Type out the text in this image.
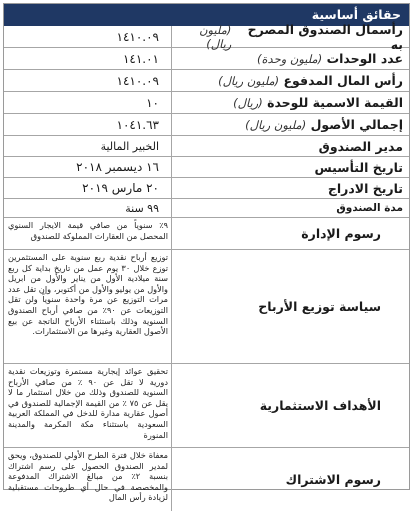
حقائق أساسية
رأسمال الصندوق المصرح به

(مليون ريال)
١٤١٠.٠٩
عدد الوحدات

(مليون وحدة)
١٤١.٠١
رأس المال المدفوع

(مليون ريال)
١٤١٠.٠٩
القيمة الاسمية للوحدة

(ريال)
١٠
إجمالي الأصول

(مليون ريال)
١٠٤١.٦٣
مدير الصندوق
الخبير المالية
تاريخ التأسيس
١٦ ديسمبر ٢٠١٨
تاريخ الادراج
٢٠ مارس ٢٠١٩
مدة الصندوق
٩٩ سنة
رسوم الإدارة
٩٪ سنوياً من صافي قيمة الايجار السنوي المحصل من العقارات المملوكة للصندوق
سياسة توزيع الأرباح
توزيع أرباح نقدية ربع سنوية على المستثمرين توزع خلال ٣٠ يوم عمل من تاريخ بداية كل ربع سنة ميلادية الأول من يناير والأول من ابريل والأول من يوليو والأول من أكتوبر، وإن تقل عدد مرات التوزيع عن مرة واحدة سنوياً ولن تقل التوزيعات عن ٩٠٪ من صافي أرباح الصندوق السنوية وذلك باستثناء الأرباح الناتجة عن بيع الأصول العقارية وغيرها من الاستثمارات.
الأهداف الاستثمارية
تحقيق عوائد إيجارية مستمرة وتوزيعات نقدية دورية لا تقل عن ٩٠ ٪ من صافي الأرباح السنوية للصندوق وذلك من خلال استثمار ما لا يقل عن ٧٥ ٪ من القيمة الإجمالية للصندوق في أصول عقارية مدارة للدخل في المملكة العربية السعودية باستثناء مكة المكرمة والمدينة المنورة
رسوم الاشتراك
معفاة خلال فترة الطرح الأولي للصندوق، ويحق لمدير الصندوق الحصول على رسم اشتراك بنسبة ٢٪ من مبالغ الاشتراك المدفوعة والمخصصة في حال أي طروحات مستقبلية لزيادة رأس المال
